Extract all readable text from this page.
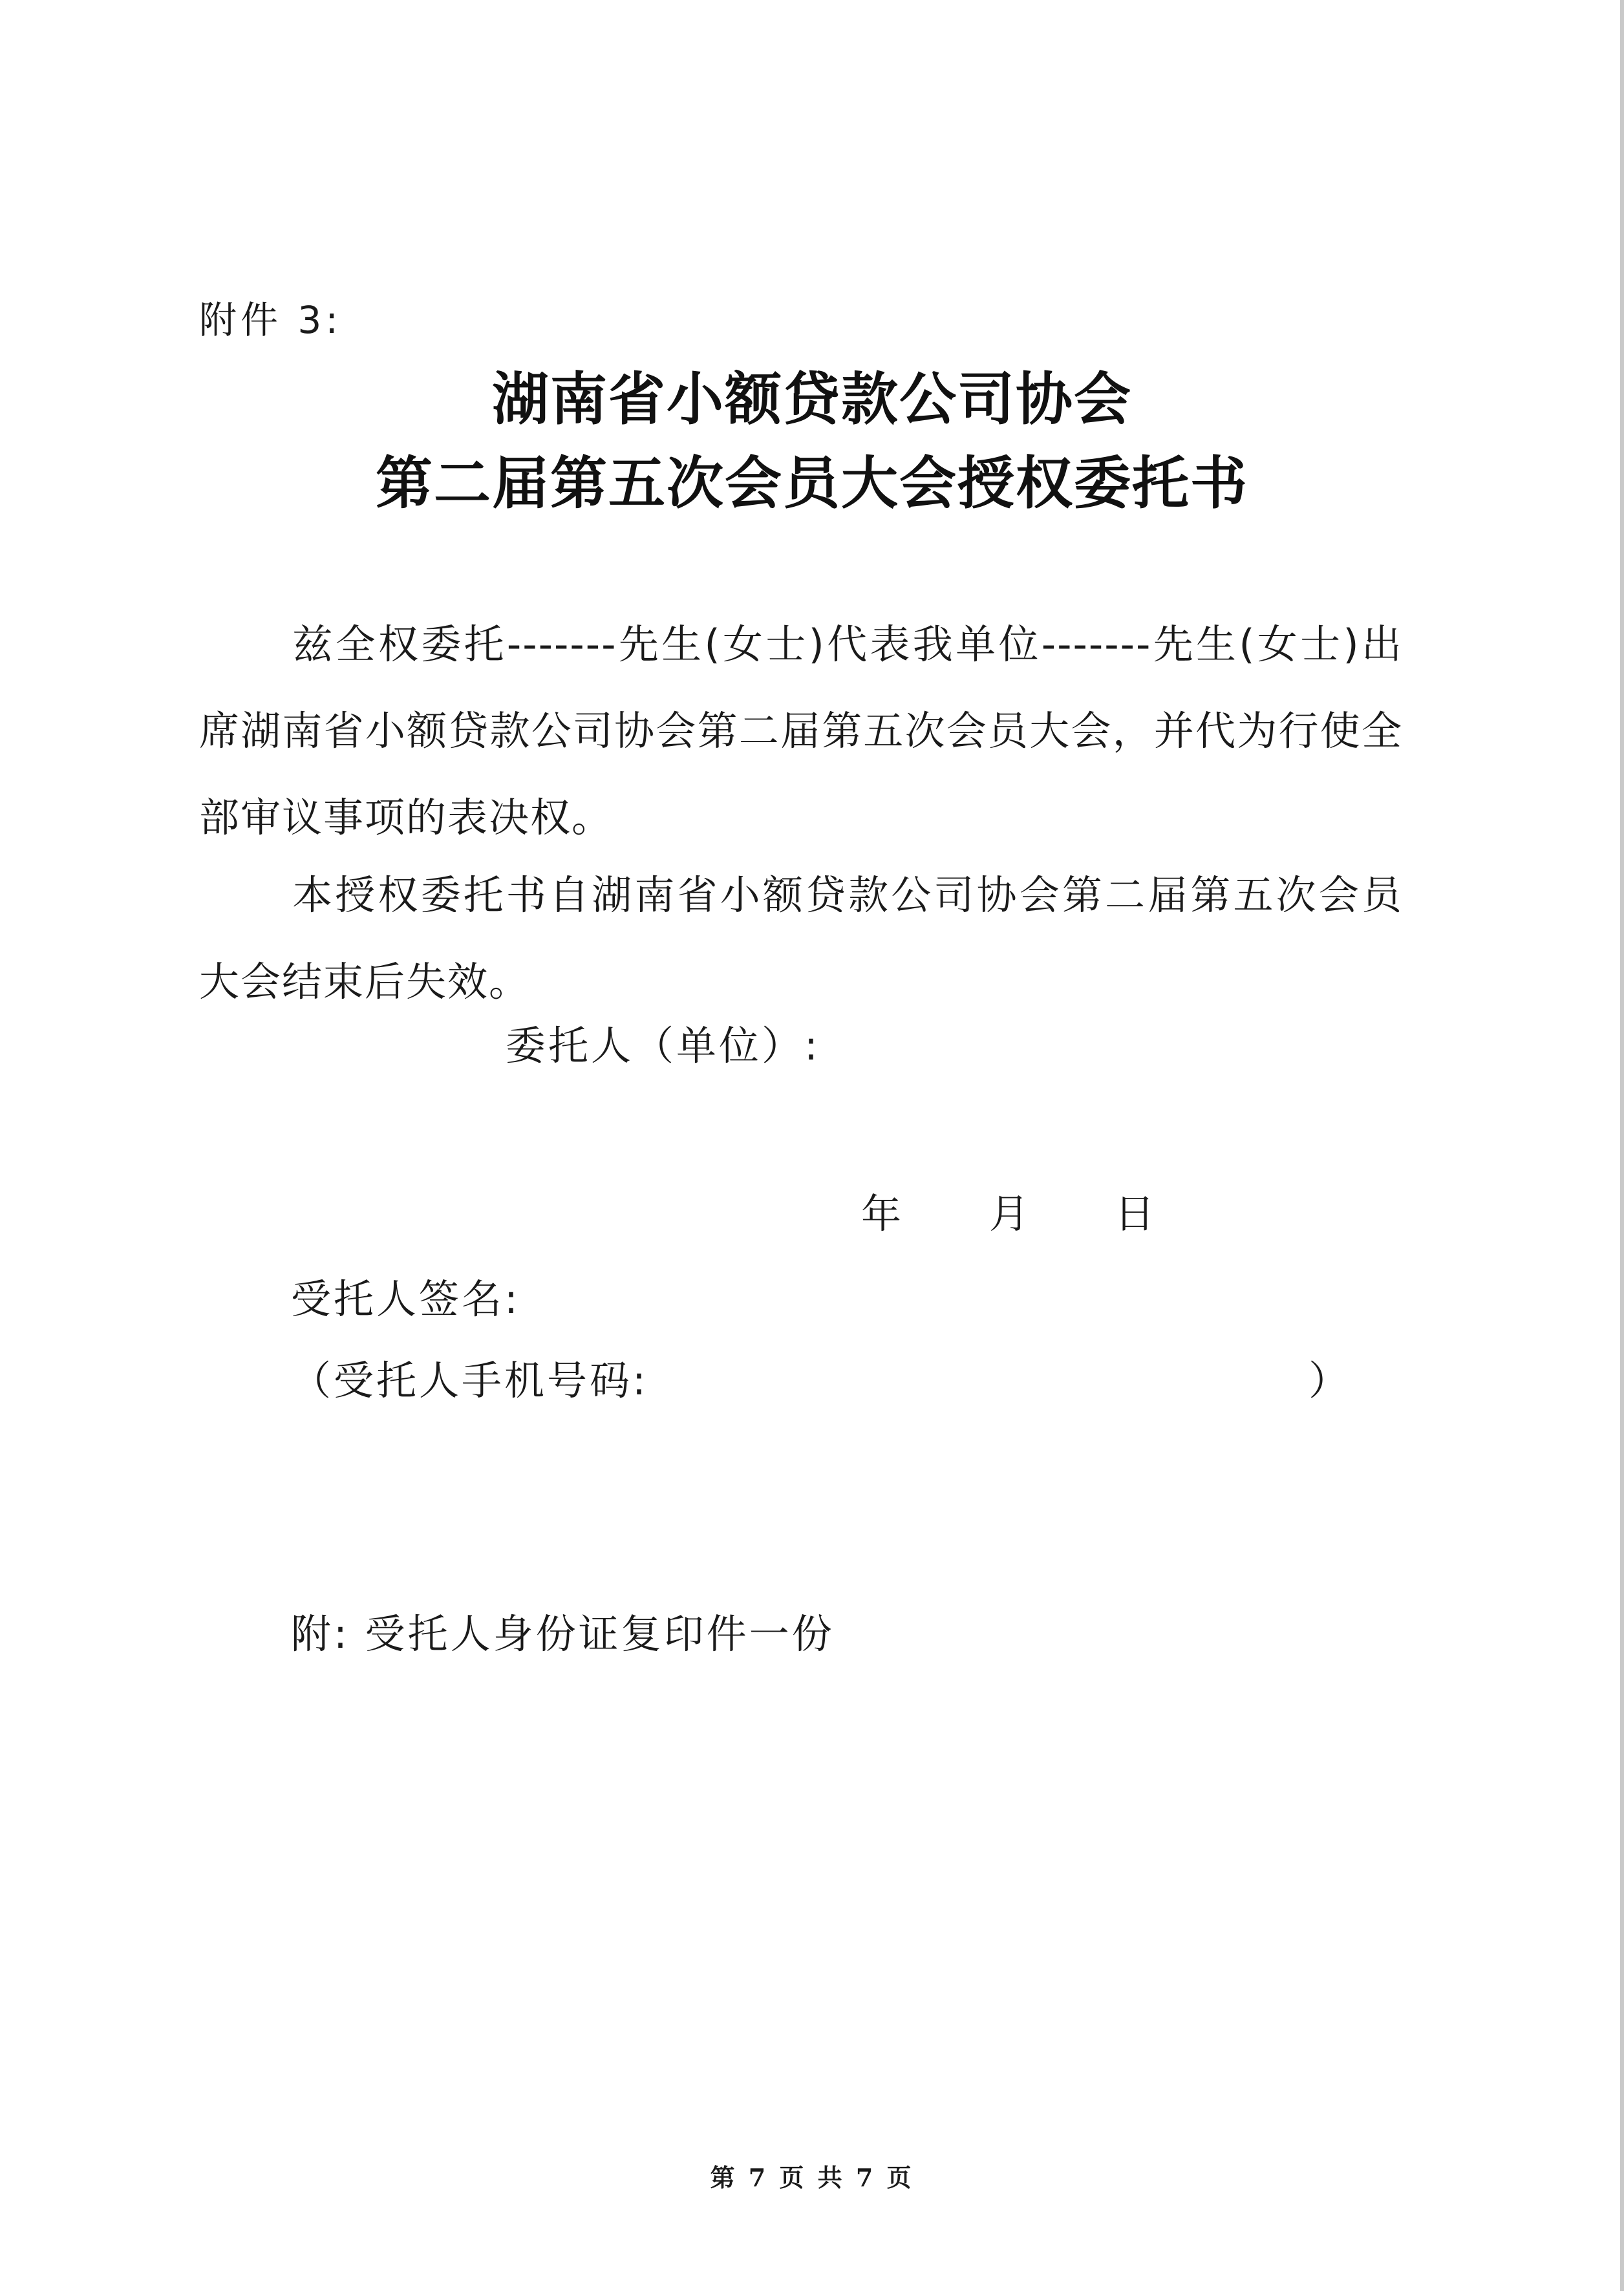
附件 3:
湖南省小额贷款公司协会
第二届第五次会员大会授权委托书
兹全权委托-------先生(女士)代表我单位-------先生(女士)出席湖南省小额贷款公司协会第二届第五次会员大会，并代为行使全部审议事项的表决权。
本授权委托书自湖南省小额贷款公司协会第二届第五次会员大会结束后失效。
委托人（单位）:
年 月 日
受托人签名:
（受托人手机号码:	）
附: 受托人身份证复印件一份
第 7 页 共 7 页
